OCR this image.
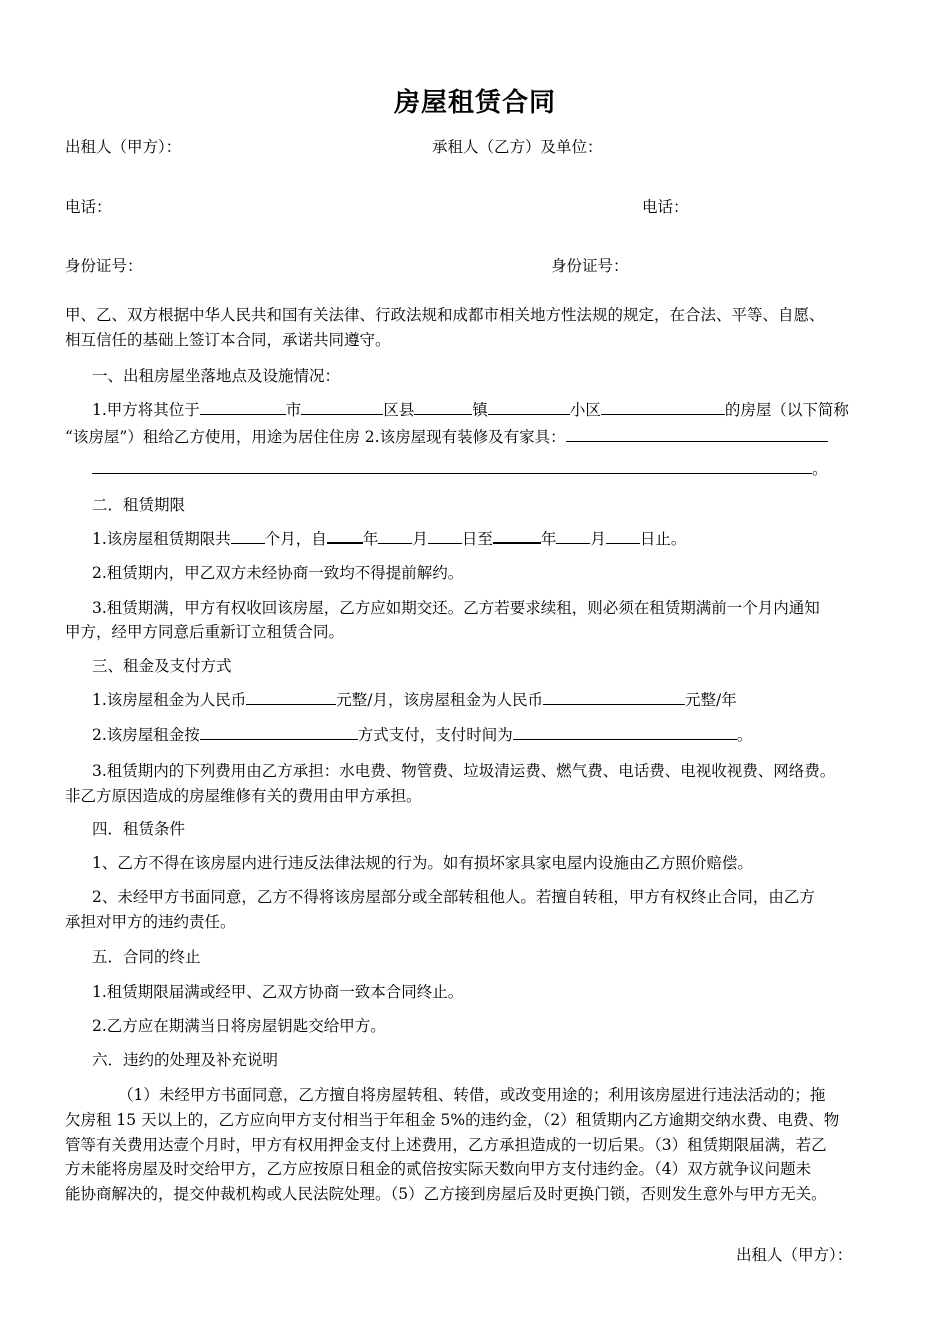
房屋租赁合同
出租人（甲方）：	承租人（乙方）及单位：
电话：	电话：
身份证号：	身份证号：
甲、乙、双方根据中华人民共和国有关法律、行政法规和成都市相关地方性法规的规定，在合法、平等、自愿、
相互信任的基础上签订本合同，承诺共同遵守。
一、出租房屋坐落地点及设施情况：
1.甲方将其位于	市	区县	镇	小区	的房屋（以下简称
“该房屋”）租给乙方使用，用途为居住住房 2.该房屋现有装修及有家具：
。
二．租赁期限
1.该房屋租赁期限共 个月，自 年 月 日至	年 月 日止。
2.租赁期内，甲乙双方未经协商一致均不得提前解约。
3.租赁期满，甲方有权收回该房屋，乙方应如期交还。乙方若要求续租，则必须在租赁期满前一个月内通知
甲方，经甲方同意后重新订立租赁合同。
三、租金及支付方式
1.该房屋租金为人民币	元整/月，该房屋租金为人民币	元整/年
2.该房屋租金按	方式支付，支付时间为	。
3.租赁期内的下列费用由乙方承担：水电费、物管费、垃圾清运费、燃气费、电话费、电视收视费、网络费。
非乙方原因造成的房屋维修有关的费用由甲方承担。
四．租赁条件
1、乙方不得在该房屋内进行违反法律法规的行为。如有损坏家具家电屋内设施由乙方照价赔偿。
2、未经甲方书面同意，乙方不得将该房屋部分或全部转租他人。若擅自转租，甲方有权终止合同，由乙方
承担对甲方的违约责任。
五．合同的终止
1.租赁期限届满或经甲、乙双方协商一致本合同终止。
2.乙方应在期满当日将房屋钥匙交给甲方。
六．违约的处理及补充说明
（1）未经甲方书面同意，乙方擅自将房屋转租、转借，或改变用途的；利用该房屋进行违法活动的；拖
欠房租 15 天以上的，乙方应向甲方支付相当于年租金 5%的违约金，（2）租赁期内乙方逾期交纳水费、电费、物
管等有关费用达壹个月时，甲方有权用押金支付上述费用，乙方承担造成的一切后果。（3）租赁期限届满，若乙
方未能将房屋及时交给甲方，乙方应按原日租金的贰倍按实际天数向甲方支付违约金。（4）双方就争议问题未
能协商解决的，提交仲裁机构或人民法院处理。（5）乙方接到房屋后及时更换门锁，否则发生意外与甲方无关。
出租人（甲方）：
